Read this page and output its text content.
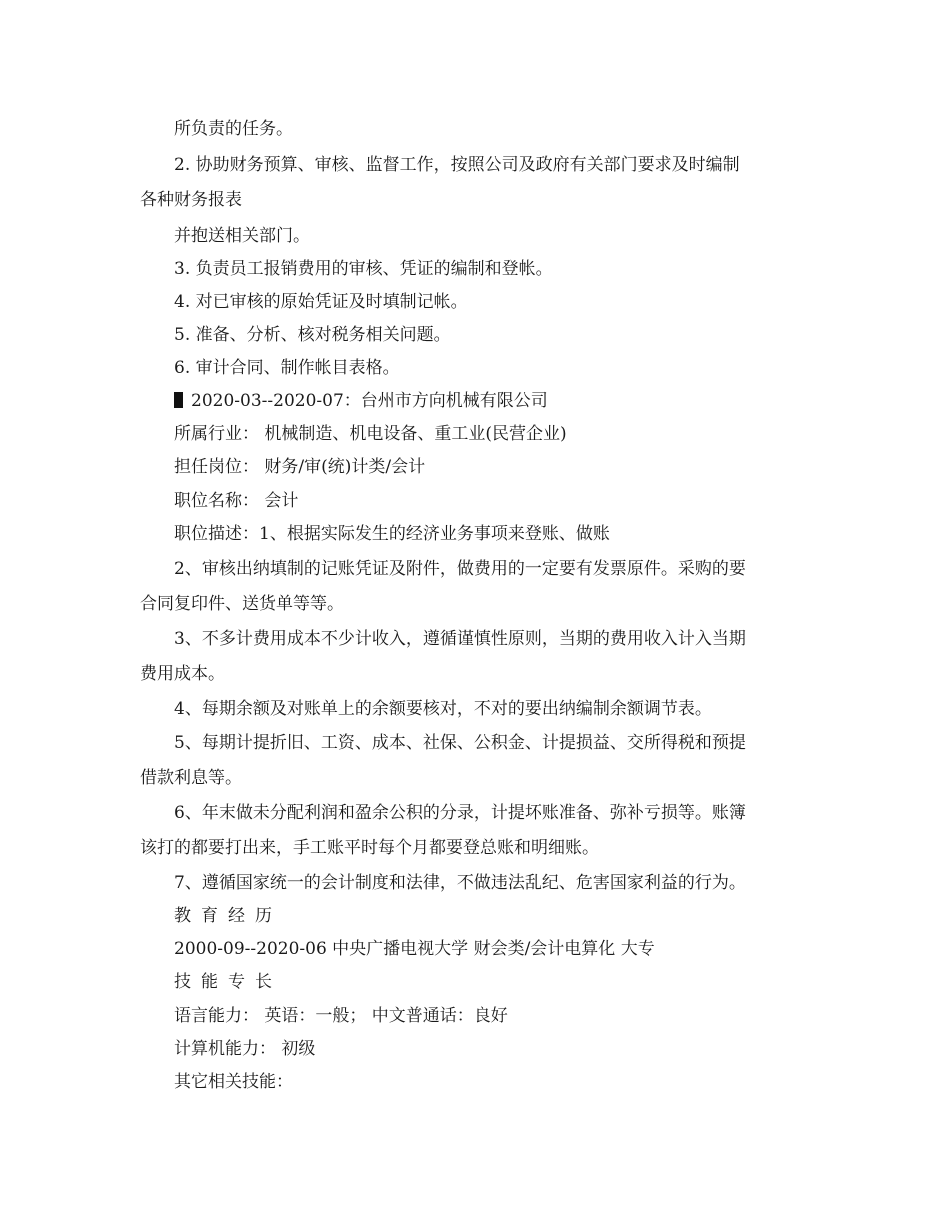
所负责的任务。
2. 协助财务预算、审核、监督工作，按照公司及政府有关部门要求及时编制
各种财务报表
并抱送相关部门。
3. 负责员工报销费用的审核、凭证的编制和登帐。
4. 对已审核的原始凭证及时填制记帐。
5. 准备、分析、核对税务相关问题。
6. 审计合同、制作帐目表格。
2020-03--2020-07：台州市方向机械有限公司
所属行业： 机械制造、机电设备、重工业(民营企业)
担任岗位： 财务/审(统)计类/会计
职位名称： 会计
职位描述：1、根据实际发生的经济业务事项来登账、做账
2、审核出纳填制的记账凭证及附件，做费用的一定要有发票原件。采购的要
合同复印件、送货单等等。
3、不多计费用成本不少计收入，遵循谨慎性原则，当期的费用收入计入当期
费用成本。
4、每期余额及对账单上的余额要核对，不对的要出纳编制余额调节表。
5、每期计提折旧、工资、成本、社保、公积金、计提损益、交所得税和预提
借款利息等。
6、年末做未分配利润和盈余公积的分录，计提坏账准备、弥补亏损等。账簿
该打的都要打出来，手工账平时每个月都要登总账和明细账。
7、遵循国家统一的会计制度和法律，不做违法乱纪、危害国家利益的行为。
教育经历
2000-09--2020-06 中央广播电视大学 财会类/会计电算化 大专
技能专长
语言能力： 英语：一般； 中文普通话：良好
计算机能力： 初级
其它相关技能：
